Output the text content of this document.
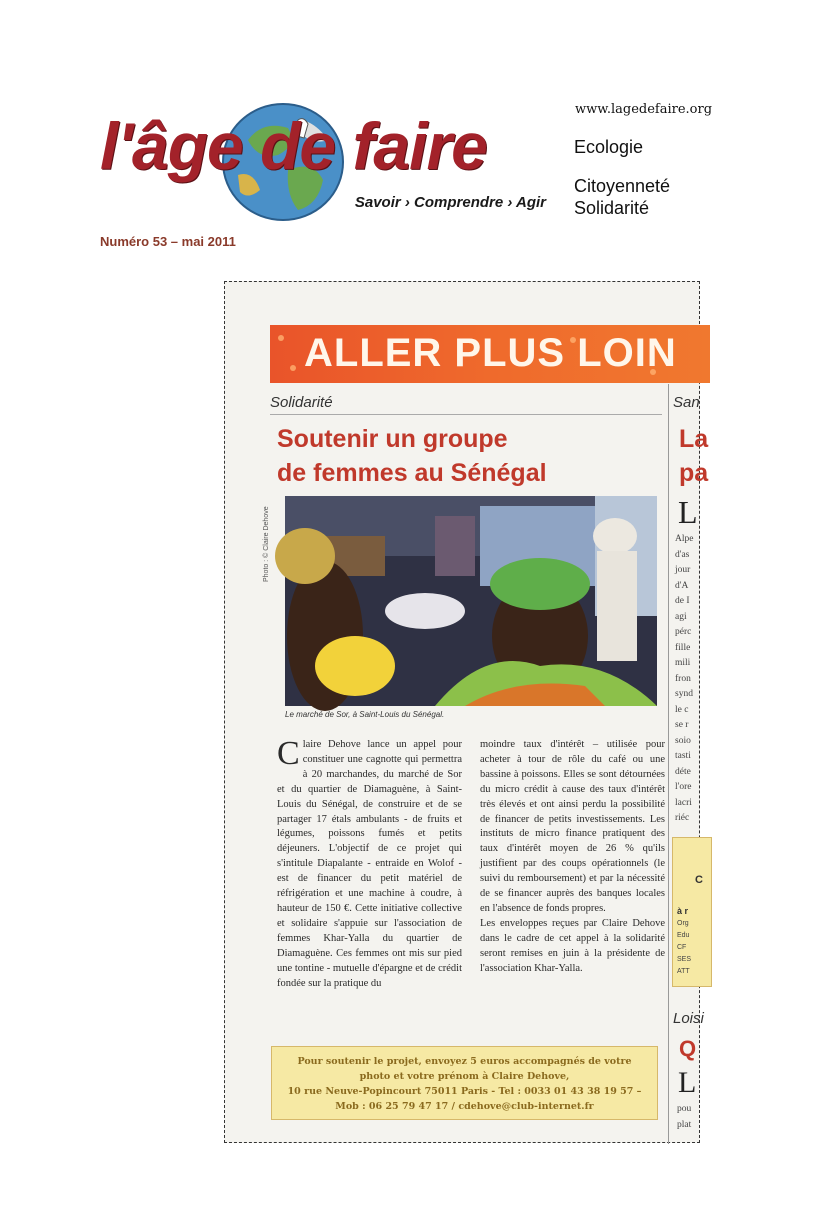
l'âge de faire
Savoir › Comprendre › Agir
www.lagedefaire.org
Ecologie
Citoyenneté
Solidarité
Numéro 53 – mai 2011
ALLER PLUS LOIN
Solidarité	San
Soutenir un groupe
de femmes au Sénégal
La
pa
Photo : © Claire Dehove
Le marché de Sor, à Saint-Louis du Sénégal.
C laire Dehove lance un appel pour constituer une cagnotte qui permettra à 20 marchandes, du marché de Sor et du quartier de Diamaguène, à Saint-Louis du Sénégal, de construire et de se partager 17 étals ambulants - de fruits et légumes, poissons fumés et petits déjeuners. L'objectif de ce projet qui s'intitule Diapalante - entraide en Wolof - est de financer du petit matériel de réfrigération et une machine à coudre, à hauteur de 150 €. Cette initiative collective et solidaire s'appuie sur l'association de femmes Khar-Yalla du quartier de Diamaguène. Ces femmes ont mis sur pied une tontine - mutuelle d'épargne et de crédit fondée sur la pratique du
moindre taux d'intérêt – utilisée pour acheter à tour de rôle du café ou une bassine à poissons. Elles se sont détournées du micro crédit à cause des taux d'intérêt très élevés et ont ainsi perdu la possibilité de financer de petits investissements. Les instituts de micro finance pratiquent des taux d'intérêt moyen de 26 % qu'ils justifient par des coups opérationnels (le suivi du remboursement) et par la nécessité de se financer auprès des banques locales en l'absence de fonds propres.
Les enveloppes reçues par Claire Dehove dans le cadre de cet appel à la solidarité seront remises en juin à la présidente de l'association Khar-Yalla.
Pour soutenir le projet, envoyez 5 euros accompagnés de votre
photo et votre prénom à Claire Dehove,
10 rue Neuve-Popincourt 75011 Paris - Tel : 0033 01 43 38 19 57 –
Mob : 06 25 79 47 17 / cdehove@club-internet.fr
L
Alpe
d'as
jour
d'A
de I
agi
pérc
fille
mili
fron
synd
le c
se r
soio
tasti
déte
l'ore
lacri
riéc
C
à r
Org
Edu
CF
SES
ATT
Loisi
Q
L
pou
plat
